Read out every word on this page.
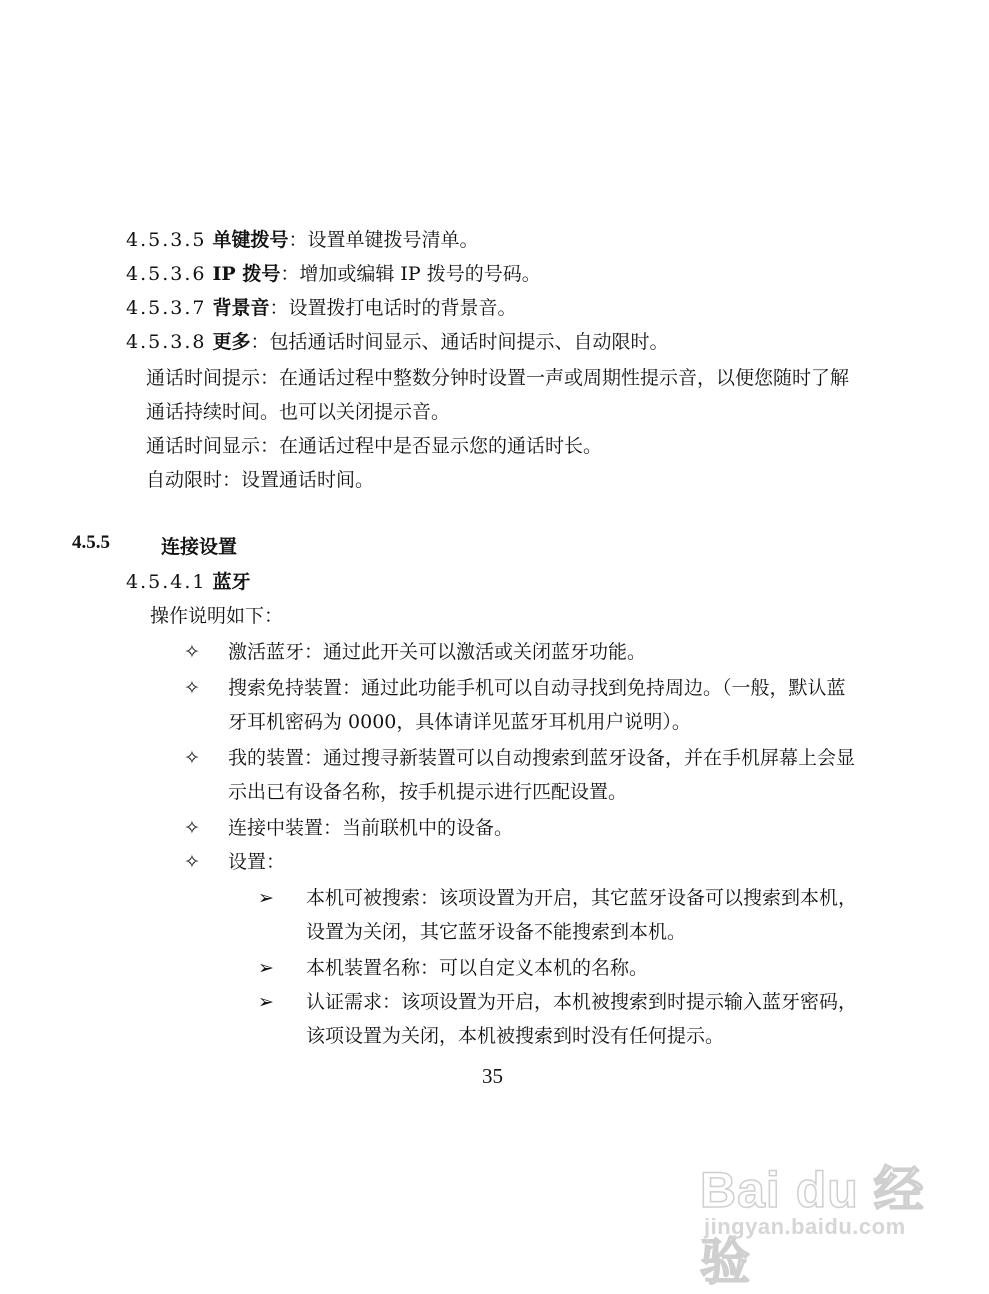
4.5.3.5 单键拨号：设置单键拨号清单。
4.5.3.6 IP 拨号：增加或编辑 IP 拨号的号码。
4.5.3.7 背景音：设置拨打电话时的背景音。
4.5.3.8 更多：包括通话时间显示、通话时间提示、自动限时。
通话时间提示：在通话过程中整数分钟时设置一声或周期性提示音，以便您随时了解
通话持续时间。也可以关闭提示音。
通话时间显示：在通话过程中是否显示您的通话时长。
自动限时：设置通话时间。
4.5.5	连接设置
4.5.4.1 蓝牙
操作说明如下：
✧ 激活蓝牙：通过此开关可以激活或关闭蓝牙功能。
✧ 搜索免持装置：通过此功能手机可以自动寻找到免持周边。（一般，默认蓝
牙耳机密码为 0000，具体请详见蓝牙耳机用户说明）。
✧ 我的装置：通过搜寻新装置可以自动搜索到蓝牙设备，并在手机屏幕上会显
示出已有设备名称，按手机提示进行匹配设置。
✧ 连接中装置：当前联机中的设备。
✧ 设置：
➢ 本机可被搜索：该项设置为开启，其它蓝牙设备可以搜索到本机，
设置为关闭，其它蓝牙设备不能搜索到本机。
➢ 本机装置名称：可以自定义本机的名称。
➢ 认证需求：该项设置为开启，本机被搜索到时提示输入蓝牙密码，
该项设置为关闭，本机被搜索到时没有任何提示。
35
Bai du 经验
jingyan.baidu.com
